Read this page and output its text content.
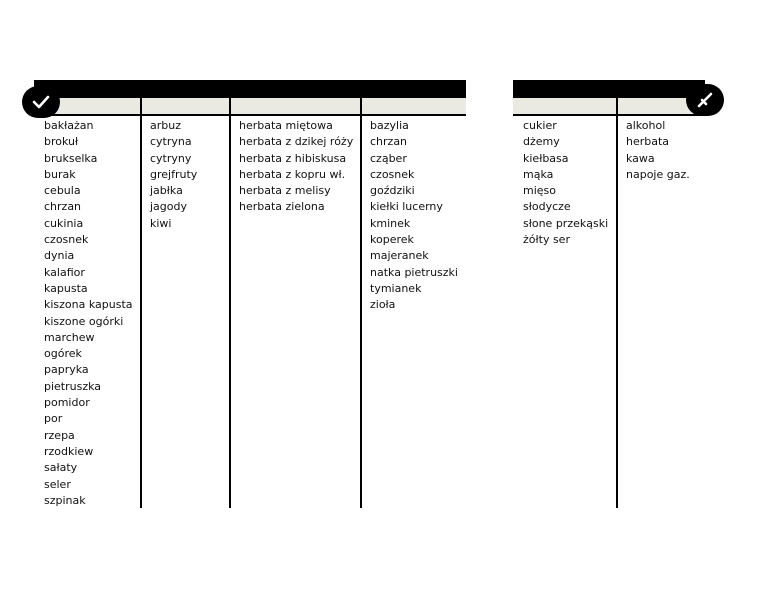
bakłażan
brokuł
brukselka
burak
cebula
chrzan
cukinia
czosnek
dynia
kalafior
kapusta
kiszona kapusta
kiszone ogórki
marchew
ogórek
papryka
pietruszka
pomidor
por
rzepa
rzodkiew
sałaty
seler
szpinak
arbuz
cytryna
cytryny
grejfruty
jabłka
jagody
kiwi
herbata miętowa
herbata z dzikej róży
herbata z hibiskusa
herbata z kopru wł.
herbata z melisy
herbata zielona
bazylia
chrzan
cząber
czosnek
goździki
kiełki lucerny
kminek
koperek
majeranek
natka pietruszki
tymianek
zioła
cukier
dżemy
kiełbasa
mąka
mięso
słodycze
słone przekąski
żółty ser
alkohol
herbata
kawa
napoje gaz.
